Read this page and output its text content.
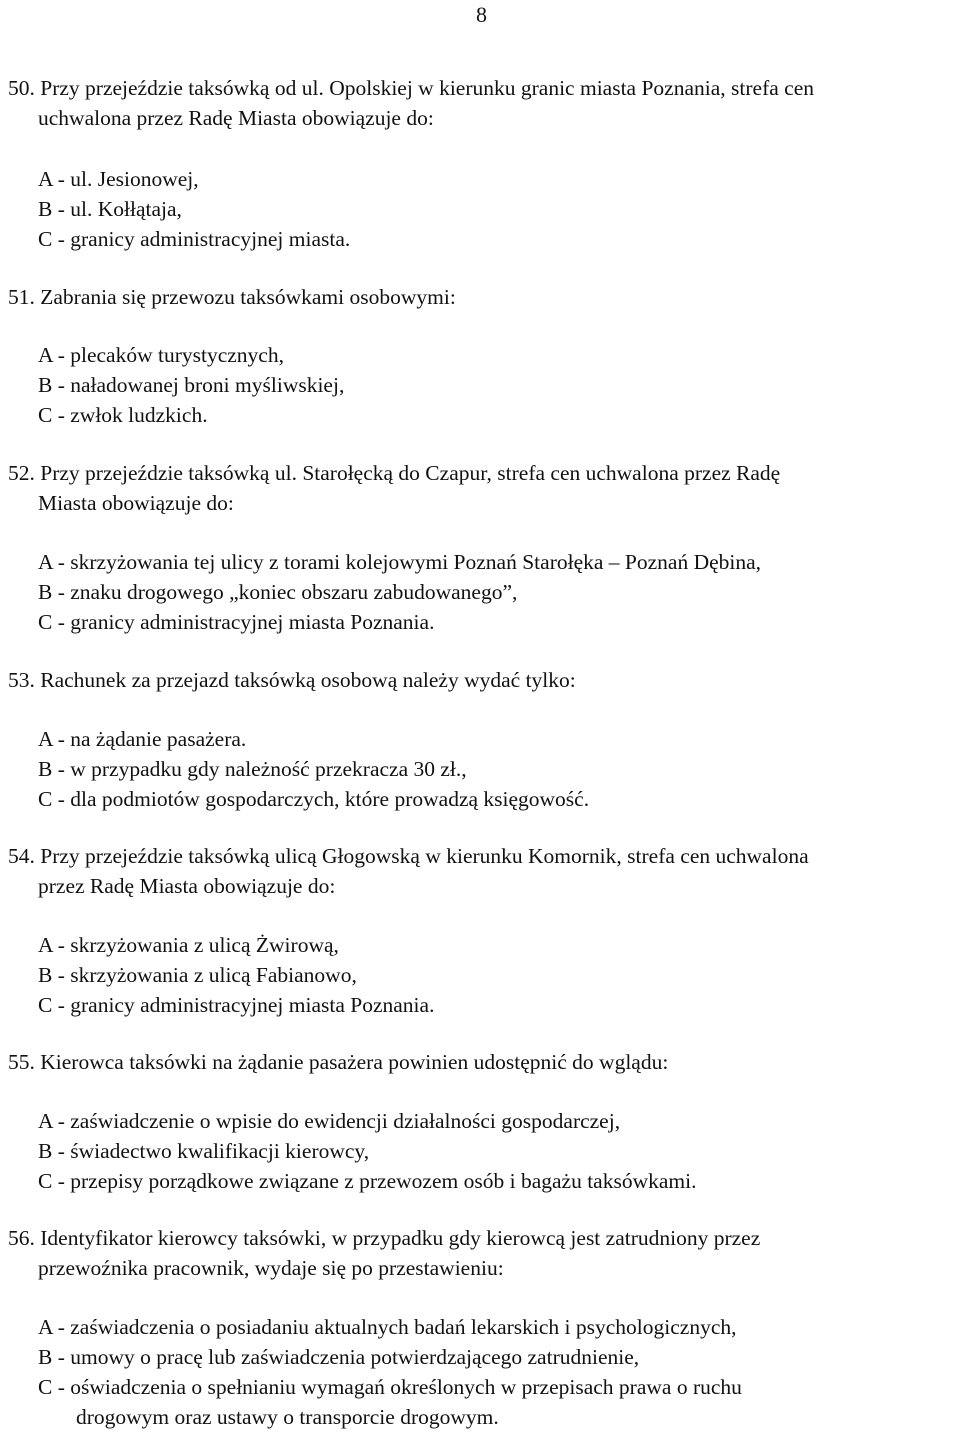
8
50. Przy przejeździe taksówką od ul. Opolskiej w kierunku granic miasta Poznania, strefa cen
uchwalona przez Radę Miasta obowiązuje do:
A - ul. Jesionowej,
B - ul. Kołłątaja,
C - granicy administracyjnej miasta.
51. Zabrania się przewozu taksówkami osobowymi:
A - plecaków turystycznych,
B - naładowanej broni myśliwskiej,
C - zwłok ludzkich.
52. Przy przejeździe taksówką ul. Starołęcką do Czapur, strefa cen uchwalona przez Radę
Miasta obowiązuje do:
A - skrzyżowania tej ulicy z torami kolejowymi Poznań Starołęka – Poznań Dębina,
B - znaku drogowego „koniec obszaru zabudowanego”,
C - granicy administracyjnej miasta Poznania.
53. Rachunek za przejazd taksówką osobową należy wydać tylko:
A - na żądanie pasażera.
B - w przypadku gdy należność przekracza 30 zł.,
C - dla podmiotów gospodarczych, które prowadzą księgowość.
54. Przy przejeździe taksówką ulicą Głogowską w kierunku Komornik, strefa cen uchwalona
przez Radę Miasta obowiązuje do:
A - skrzyżowania z ulicą Żwirową,
B - skrzyżowania z ulicą Fabianowo,
C - granicy administracyjnej miasta Poznania.
55. Kierowca taksówki na żądanie pasażera powinien udostępnić do wglądu:
A - zaświadczenie o wpisie do ewidencji działalności gospodarczej,
B - świadectwo kwalifikacji kierowcy,
C - przepisy porządkowe związane z przewozem osób i bagażu taksówkami.
56. Identyfikator kierowcy taksówki, w przypadku gdy kierowcą jest zatrudniony przez
przewoźnika pracownik, wydaje się po przestawieniu:
A - zaświadczenia o posiadaniu aktualnych badań lekarskich i psychologicznych,
B - umowy o pracę lub zaświadczenia potwierdzającego zatrudnienie,
C - oświadczenia o spełnianiu wymagań określonych w przepisach prawa o ruchu
drogowym oraz ustawy o transporcie drogowym.
